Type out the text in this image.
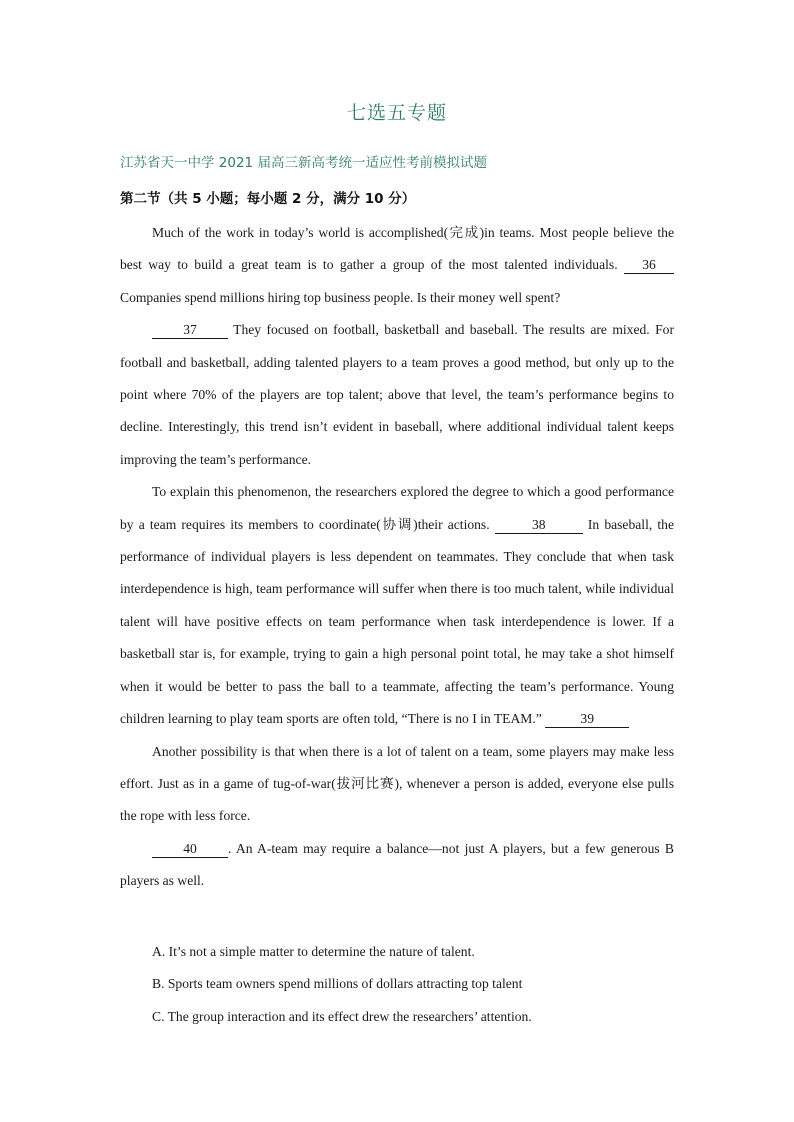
七选五专题
江苏省天一中学 2021 届高三新高考统一适应性考前模拟试题
第二节（共 5 小题；每小题 2 分，满分 10 分）

Much of the work in today’s world is accomplished(完成)in teams. Most people believe the best way to build a great team is to gather a group of the most talented individuals. 36 Companies spend millions hiring top business people. Is their money well spent?

37 They focused on football, basketball and baseball. The results are mixed. For football and basketball, adding talented players to a team proves a good method, but only up to the point where 70% of the players are top talent; above that level, the team’s performance begins to decline. Interestingly, this trend isn’t evident in baseball, where additional individual talent keeps improving the team’s performance.

To explain this phenomenon, the researchers explored the degree to which a good performance by a team requires its members to coordinate(协调)their actions.	38	In baseball, the performance of individual players is less dependent on teammates. They conclude that when task interdependence is high, team performance will suffer when there is too much talent, while individual talent will have positive effects on team performance when task interdependence is lower. If a basketball star is, for example, trying to gain a high personal point total, he may take a shot himself when it would be better to pass the ball to a teammate, affecting the team’s performance. Young children learning to play team sports are often told, “There is no I in TEAM.”	39

Another possibility is that when there is a lot of talent on a team, some players may make less effort. Just as in a game of tug-of-war(拔河比赛), whenever a person is added, everyone else pulls the rope with less force.

40 . An A-team may require a balance—not just A players, but a few generous B players as well.

A. It’s not a simple matter to determine the nature of talent.
B. Sports team owners spend millions of dollars attracting top talent
C. The group interaction and its effect drew the researchers’ attention.
